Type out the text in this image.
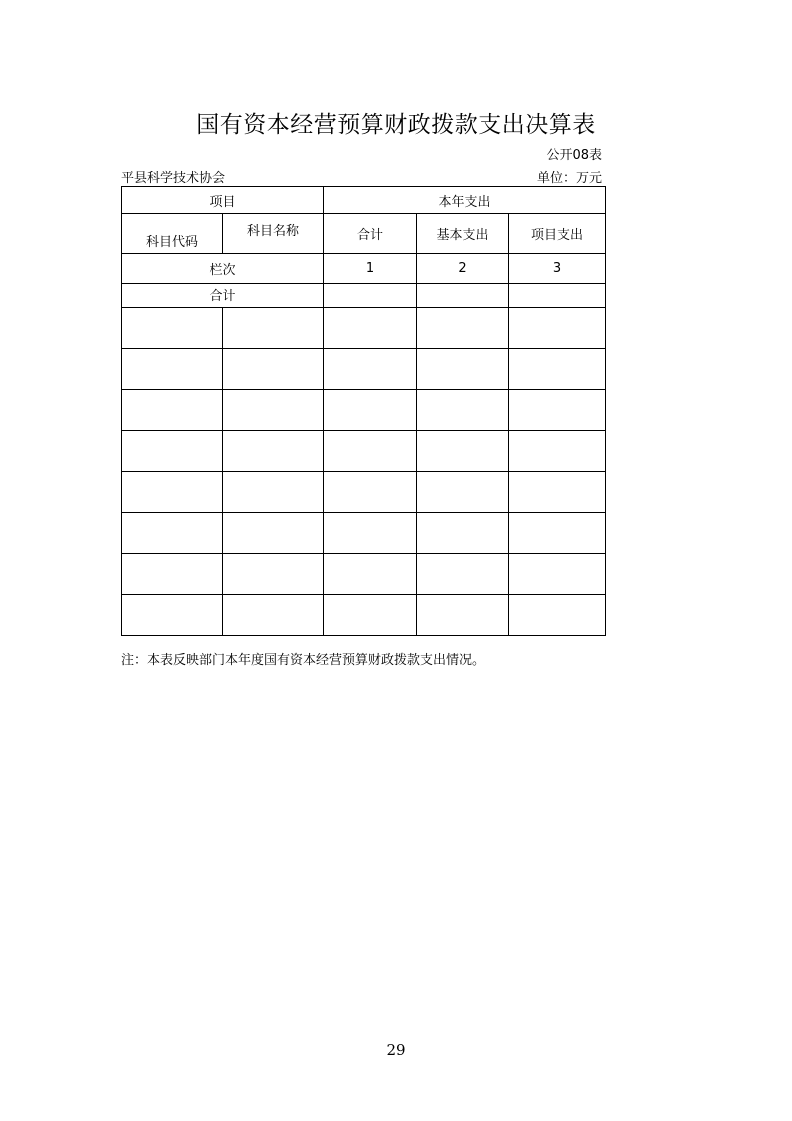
国有资本经营预算财政拨款支出决算表
公开08表
平县科学技术协会	单位：万元
项目		本年支出		
科目代码	科目名称	合计	基本支出	项目支出
栏次		1	2	3
合计				

注：本表反映部门本年度国有资本经营预算财政拨款支出情况。
29
